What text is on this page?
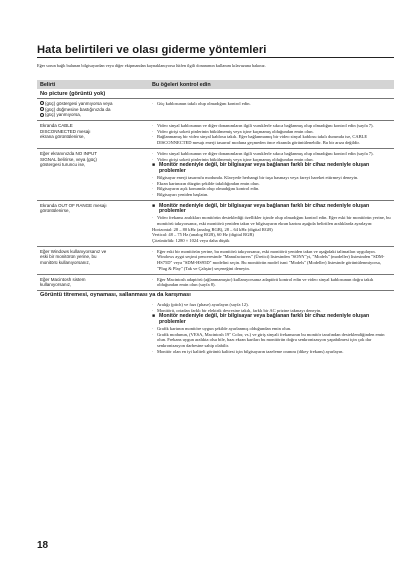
Hata belirtileri ve olası giderme yöntemleri
Eğer sorun bağlı bulunan bilgisayardan veya diğer ekipmandan kaynaklanıyorsa lütfen ilgili donanımın kullanım kılavuzuna bakınız.
Belirti	Bu öğeleri kontrol edin
No picture (görüntü yok)
(güç) göstergesi yanmıyorsa veya
(güç) düğmesine bastığınızda da
(güç) yanmıyorsa,
· Güç kablosunun takılı olup olmadığını kontrol edin.
Ekranda CABLE
DISCONNECTED mesajı
ekrana görüntülenirse,
· Video sinyal kablosunun ve diğer donanımların ilgili vuruklerle sıkıca bağlanmış olup olmadığını kontrol edin (sayfa 7).
· Video girişi soketi pinlerinin bükülmemiş veya içine kaçmamış olduğundan emin olun.
· Bağlanmamış bir video sinyal kablosu takılı. Eğer bağlanmamış bir video sinyal kablosu takılı durumda ise, CABLE DISCONNECTED mesajı enerji tasarruf moduna geçmeden önce ekranda görüntülenebilir. Bu bir arıza değildir.
Eğer ekranınızda NO INPUT
SIGNAL belirirse, veya (güç)
göstergesi turuncu ise,
· Video sinyal kablosunun ve diğer donanımların ilgili vuruklerle sıkıca bağlanmış olup olmadığını kontrol edin (sayfa 7).
· Video girişi soketi pinlerinin bükülmemiş veya içine kaçmamış olduğundan emin olun.
■ Monitör nedeniyle değil, bir bilgisayar veya bağlanan farklı bir cihaz nedeniyle oluşan problemler
· Bilgisayar enerji tasarrufu modunda. Klavyede herhangi bir tuşa basmayı veya fareyi hareket ettirmeyi deneyin.
· Ekran kartınızın düzgün şekilde takıldığından emin olun.
· Bilgisayarın açık konumda olup olmadığını kontrol edin.
· Bilgisayarı yeniden başlatın.
Ekranda OUT OF RANGE mesajı
görüntülenirse,
■ Monitör nedeniyle değil, bir bilgisayar veya bağlanan farklı bir cihaz nedeniyle oluşan problemler
· Video frekansı aralıkları monitörün desteklediği özellikler içinde olup olmadığını kontrol edin. Eğer eski bir monitörün yerine, bu monitörü takıyorsanız, eski monitörü yeniden takın ve bilgisayarın ekran kartını aşağıda belirtilen aralıklarda ayarlayın:
Horizontal: 28 – 80 kHz (analog RGB), 28 – 64 kHz (digital RGB)
Vertical: 48 – 75 Hz (analog RGB), 60 Hz (digital RGB)
Çözünürlük: 1280 × 1024 veya daha düşük
Eğer Windows kullanıyorsanız ve
eski bir monitörün yerine, bu
monitörü kullanıyorsanız,
· Eğer eski bir monitörün yerine, bu monitörü takıyorsanız, eski monitörü yeniden takın ve aşağıdaki talimatları uygulayın. Windows aygıt seçimi penceresinde "Manufacturers" (Üretici) listesinden "SONY"yi, "Models" (modeller) listesinden "SDM-HS75D" veya "SDM-HS95D" modelini seçin. Bu monitörün model ismi "Models" (Modeller) listesinde görüntülenmiyorsa, "Plug & Play" (Tak ve Çalıştır) seçeneğini deneyin.
Eğer Macintosh sistem
kullanıyorsanız,
· Eğer Macintosh adaptörü (ağlanmamıştır) kullanıyorsanız adaptörü kontrol edin ve video sinyal kablosunun doğru takılı olduğundan emin olun (sayfa 8).
Görüntü titremesi, oynaması, sallanması ya da karışması
· Aralığı (pitch) ve fazı (phase) ayarlayın (sayfa 12).
· Monitörü, ortadan farklı bir elektrik devresine takılı, farklı bir AC prizine takmayı deneyin.
■ Monitör nedeniyle değil, bir bilgisayar veya bağlanan farklı bir cihaz nedeniyle oluşan problemler
· Grafik kartının monitöre uygun şekilde ayarlanmış olduğundan emin olun.
· Grafik modunun, (VESA, Macintosh 19" Color, vs.) ve giriş sinyali frekansının bu monitör tarafından desteklendiğinden emin olun. Frekans uygun aralıkta olsa bile, bazı ekran kartları bu monitörün doğru senkronizasyon yapabilmesi için çok dar senkronizasyon darbesine sahip olabilir.
· Monitör olan en iyi kaliteli görüntü kalitesi için bilgisayarın tazeleme oranını (dikey frekans) ayarlayın.
18
